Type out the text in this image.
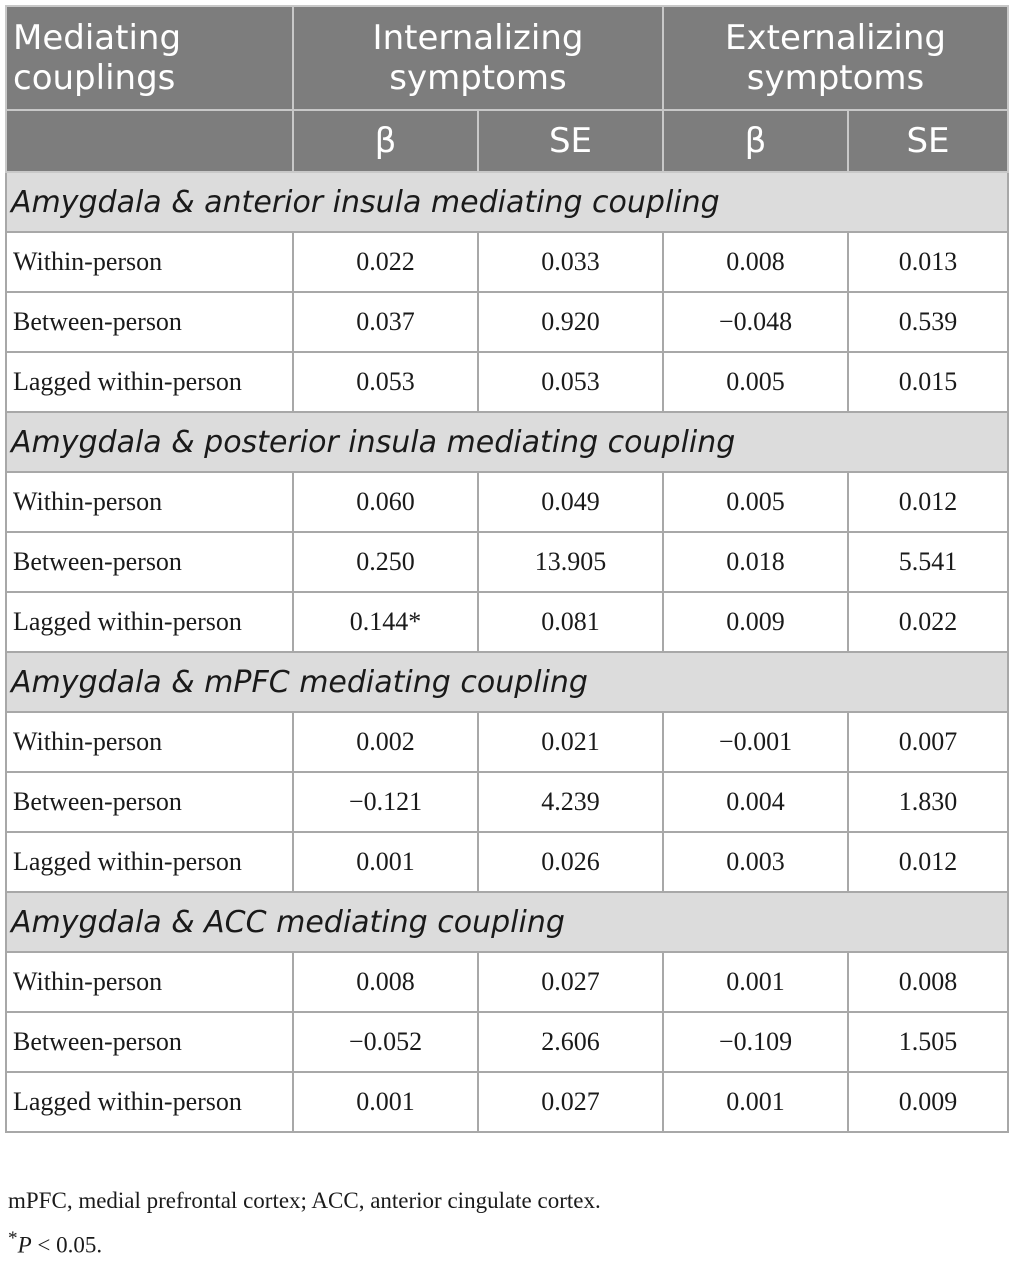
Mediating couplings	Internalizing symptoms		Externalizing symptoms	
	β	SE	β	SE
Amygdala & anterior insula mediating coupling				
Within-person	0.022	0.033	0.008	0.013
Between-person	0.037	0.920	−0.048	0.539
Lagged within-person	0.053	0.053	0.005	0.015
Amygdala & posterior insula mediating coupling				
Within-person	0.060	0.049	0.005	0.012
Between-person	0.250	13.905	0.018	5.541
Lagged within-person	0.144*	0.081	0.009	0.022
Amygdala & mPFC mediating coupling				
Within-person	0.002	0.021	−0.001	0.007
Between-person	−0.121	4.239	0.004	1.830
Lagged within-person	0.001	0.026	0.003	0.012
Amygdala & ACC mediating coupling				
Within-person	0.008	0.027	0.001	0.008
Between-person	−0.052	2.606	−0.109	1.505
Lagged within-person	0.001	0.027	0.001	0.009
mPFC, medial prefrontal cortex; ACC, anterior cingulate cortex.
*P < 0.05.
